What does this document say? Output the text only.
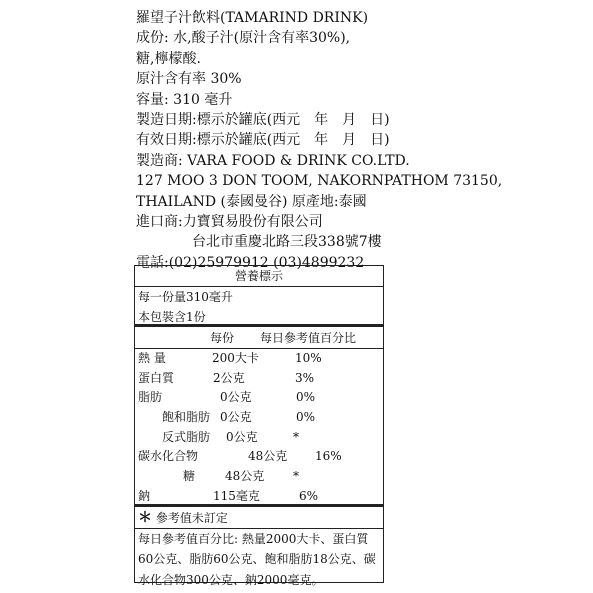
羅望子汁飲料(TAMARIND DRINK)
成份: 水,酸子汁(原汁含有率30%),
糖,檸檬酸.
原汁含有率 30%
容量: 310 毫升
製造日期:標示於罐底(西元　年　月　日)
有效日期:標示於罐底(西元　年　月　日)
製造商: VARA FOOD & DRINK CO.LTD.
127 MOO 3 DON TOOM, NAKORNPATHOM 73150,
THAILAND (泰國曼谷) 原產地:泰國
進口商:力寶貿易股份有限公司
台北市重慶北路三段338號7樓
電話:(02)25979912 (03)4899232
營養標示
每一份量310毫升
本包裝含1份
每份 每日參考值百分比
熱 量	200大卡	10%
蛋白質	2公克	3%
脂肪	0公克	0%
飽和脂肪 0公克	0%
反式脂肪 0公克	*
碳水化合物	48公克 16%
糖 48公克 *
鈉	115毫克	6%
＊ 參考值未訂定
每日參考值百分比: 熱量2000大卡、蛋白質
60公克、脂肪60公克、飽和脂肪18公克、碳
水化合物300公克、鈉2000毫克。
